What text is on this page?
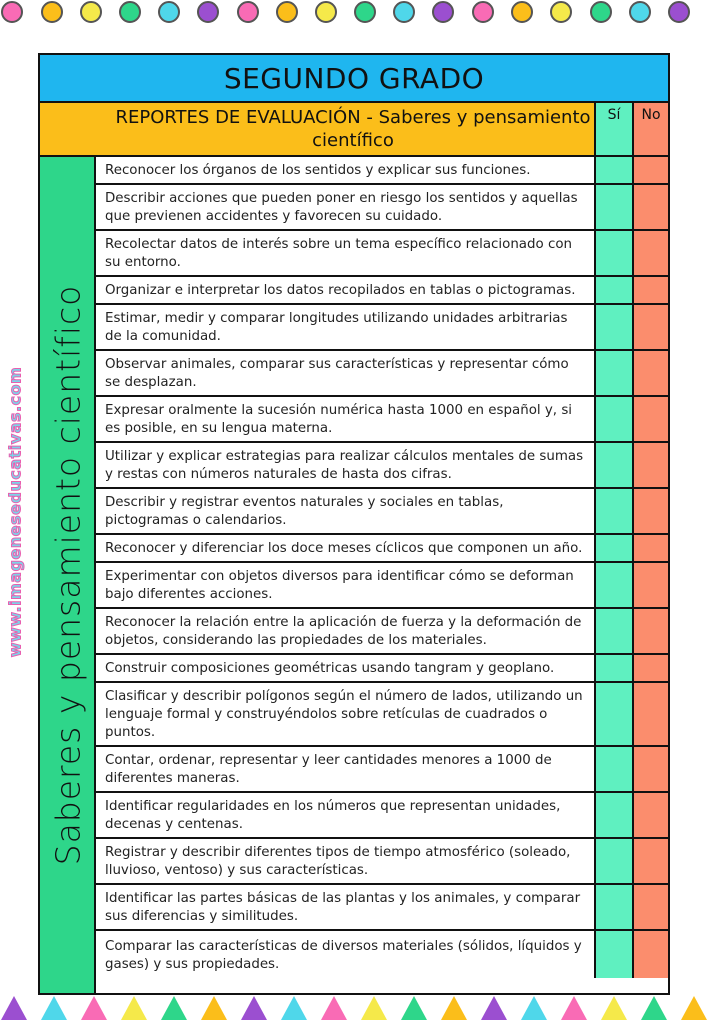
www.imageneseducativas.com
SEGUNDO GRADO
REPORTES DE EVALUACIÓN - Saberes y pensamiento científico
Sí	No
Saberes y pensamiento científico
Reconocer los órganos de los sentidos y explicar sus funciones.
Describir acciones que pueden poner en riesgo los sentidos y aquellas que previenen accidentes y favorecen su cuidado.
Recolectar datos de interés sobre un tema específico relacionado con su entorno.
Organizar e interpretar los datos recopilados en tablas o pictogramas.
Estimar, medir y comparar longitudes utilizando unidades arbitrarias de la comunidad.
Observar animales, comparar sus características y representar cómo se desplazan.
Expresar oralmente la sucesión numérica hasta 1000 en español y, si es posible, en su lengua materna.
Utilizar y explicar estrategias para realizar cálculos mentales de sumas y restas con números naturales de hasta dos cifras.
Describir y registrar eventos naturales y sociales en tablas, pictogramas o calendarios.
Reconocer y diferenciar los doce meses cíclicos que componen un año.
Experimentar con objetos diversos para identificar cómo se deforman bajo diferentes acciones.
Reconocer la relación entre la aplicación de fuerza y la deformación de objetos, considerando las propiedades de los materiales.
Construir composiciones geométricas usando tangram y geoplano.
Clasificar y describir polígonos según el número de lados, utilizando un lenguaje formal y construyéndolos sobre retículas de cuadrados o puntos.
Contar, ordenar, representar y leer cantidades menores a 1000 de diferentes maneras.
Identificar regularidades en los números que representan unidades, decenas y centenas.
Registrar y describir diferentes tipos de tiempo atmosférico (soleado, lluvioso, ventoso) y sus características.
Identificar las partes básicas de las plantas y los animales, y comparar sus diferencias y similitudes.
Comparar las características de diversos materiales (sólidos, líquidos y gases) y sus propiedades.
